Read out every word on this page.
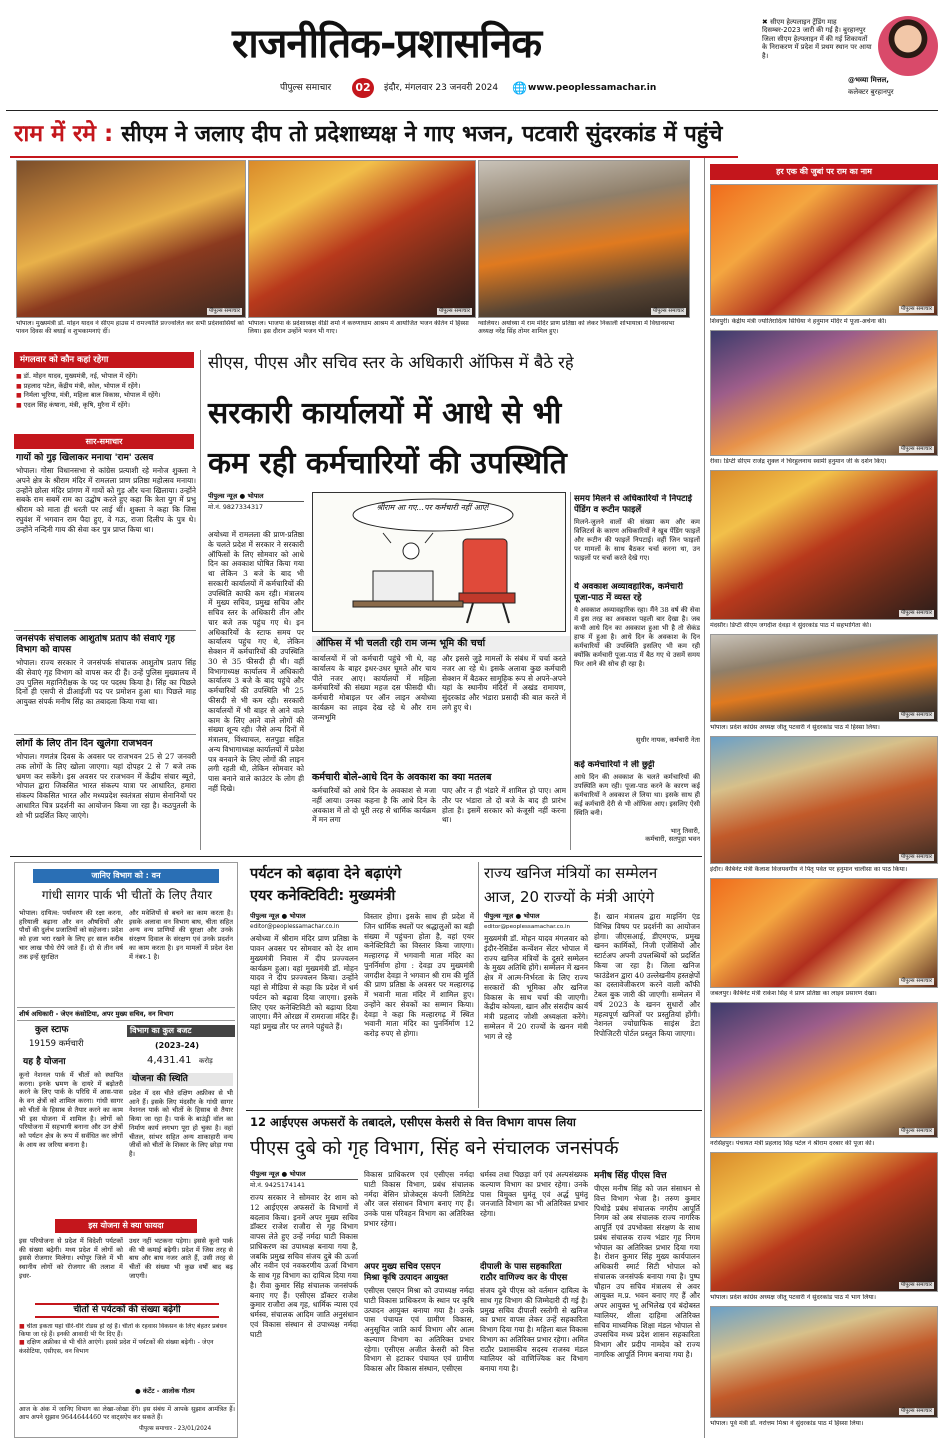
राजनीतिक-प्रशासनिक
पीपुल्स समाचार	02	इंदौर, मंगलवार 23 जनवरी 2024 🌐 www.peoplessamachar.in
✖ सीएम हेल्पलाइन ट्रेंडिंग माह दिसम्बर-2023 जारी की गई है। बुरहानपुर जिला सीएम हेल्पलाइन में की गई शिकायतों के निराकरण में प्रदेश में प्रथम स्थान पर आया है।
@भव्या मित्तल,
कलेक्टर बुरहानपुर
राम में रमे : सीएम ने जलाए दीप तो प्रदेशाध्यक्ष ने गाए भजन, पटवारी सुंदरकांड में पहुंचे
पीपुल्स समाचार	पीपुल्स समाचार	पीपुल्स समाचार
भोपाल। मुख्यमंत्री डॉ. मोहन यादव ने सीएम हाउस में रामज्योति प्रज्ज्वलित कर सभी प्रदेशवासियों को पावन दिवस की बधाई व शुभकामनाएं दीं।
भोपाल। भाजपा के प्रदेशाध्यक्ष वीडी शर्मा ने करुणाधाम आश्रम में आयोजित भजन कीर्तन में हिस्सा लिया। इस दौरान उन्होंने भजन भी गाए।
ग्वालियर। अयोध्या में राम मंदिर प्राण प्रतिष्ठा को लेकर निकाली शोभायात्रा में विधानसभा अध्यक्ष नरेंद्र सिंह तोमर शामिल हुए।
हर एक की जुबां पर राम का नाम
पीपुल्स समाचार
शिवपुरी। केंद्रीय मंत्री ज्योतिरादित्य सिंधिया ने हनुमान मंदिर में पूजा-अर्चना की।
पीपुल्स समाचार
रीवा। डिप्टी सीएम राजेंद्र शुक्ल ने चिरहुलनाथ स्वामी हनुमान जी के दर्शन किए।
पीपुल्स समाचार
मंदसौर। डिप्टी सीएम जगदीश देवड़ा ने सुंदरकांड पाठ में सहभागिता की।
पीपुल्स समाचार
भोपाल। प्रदेश कांग्रेस अध्यक्ष जीतू पटवारी ने सुंदरकांड पाठ में हिस्सा लिया।
पीपुल्स समाचार
इंदौर। कैबिनेट मंत्री कैलाश विजयवर्गीय ने पितृ पर्वत पर हनुमान चालीसा का पाठ किया।
पीपुल्स समाचार
जबलपुर। कैबिनेट मंत्री राकेश सिंह ने प्राण प्रतिष्ठा का लाइव प्रसारण देखा।
पीपुल्स समाचार
नरसिंहपुर। पंचायत मंत्री प्रहलाद सिंह पटेल ने श्रीराम दरबार की पूजा की।
पीपुल्स समाचार
भोपाल। प्रदेश कांग्रेस अध्यक्ष जीतू पटवारी ने सुंदरकांड पाठ में भाग लिया।
पीपुल्स समाचार
भोपाल। पूर्व मंत्री डॉ. नरोत्तम मिश्रा ने सुंदरकांड पाठ में हिस्सा लिया।
मंगलवार को कौन कहां रहेगा
■ डॉ. मोहन यादव, मुख्यमंत्री, नई, भोपाल में रहेंगे।
■ प्रहलाद पटेल, केंद्रीय मंत्री, कोल, भोपाल में रहेंगे।
■ निर्मला भूरिया, मंत्री, महिला बाल विकास, भोपाल में रहेंगे।
■ एदल सिंह कंषाना, मंत्री, कृषि, मुरैना में रहेंगे।
सार-समाचार
गायों को गुड़ खिलाकर मनाया 'राम' उत्सव
भोपाल। गोसा विधानसभा से कांग्रेस प्रत्याशी रहे मनोज शुक्ला ने अपने क्षेत्र के श्रीराम मंदिर में रामलला प्राण प्रतिष्ठा महोत्सव मनाया। उन्होंने छोला मंदिर प्रांगण में गायों को गुड़ और चना खिलाया। उन्होंने सबके राम सबमें राम का उद्घोष करते हुए कहा कि त्रेता युग में प्रभु श्रीराम को माता ही धरती पर लाई थीं। शुक्ला ने कहा कि जिस रघुवंश में भगवान राम पैदा हुए, वे गऊ, राजा दिलीप के पुत्र थे। उन्होंने नन्दिनी गाय की सेवा कर पुत्र प्राप्त किया था।
जनसंपर्क संचालक आशुतोष प्रताप की सेवाएं गृह विभाग को वापस
भोपाल। राज्य सरकार ने जनसंपर्क संचालक आशुतोष प्रताप सिंह की सेवाएं गृह विभाग को वापस कर दी हैं। उन्हें पुलिस मुख्यालय में उप पुलिस महानिरीक्षक के पद पर पदस्थ किया है। सिंह का पिछले दिनों ही एसपी से डीआईजी पद पर प्रमोशन हुआ था। पिछले माह आयुक्त संपर्क मनीष सिंह का तबादला किया गया था।
लोगों के लिए तीन दिन खुलेगा राजभवन
भोपाल। गणतंत्र दिवस के अवसर पर राजभवन 25 से 27 जनवरी तक लोगों के लिए खोला जाएगा। यहां दोपहर 2 से 7 बजे तक भ्रमण कर सकेंगे। इस अवसर पर राजभवन में केंद्रीय संचार ब्यूरो, भोपाल द्वारा जिकसित भारत संकल्प यात्रा पर आधारित, हमारा संकल्प विकसित भारत और मध्यप्रदेश स्वतंत्रता संग्राम सेनानियों पर आधारित चित्र प्रदर्शनी का आयोजन किया जा रहा है। कठपुतली के शो भी प्रदर्शित किए जाएंगे।
सीएस, पीएस और सचिव स्तर के अधिकारी ऑफिस में बैठे रहे
सरकारी कार्यालयों में आधे से भी
कम रही कर्मचारियों की उपस्थिति
पीपुल्स न्यूज़ ● भोपाल
मो.नं. 9827334317
अयोध्या में रामलला की प्राण-प्रतिष्ठा के चलते प्रदेश में सरकार ने सरकारी ऑफिसों के लिए सोमवार को आधे दिन का अवकाश घोषित किया गया था लेकिन 3 बजे के बाद भी सरकारी कार्यालयों में कर्मचारियों की उपस्थिति काफी कम रही। मंत्रालय में मुख्य सचिव, प्रमुख सचिव और सचिव स्तर के अधिकारी तीन और चार बजे तक पहुंच गए थे। इन अधिकारियों के स्टाफ समय पर कार्यालय पहुंच गए थे, लेकिन सेक्शन में कर्मचारियों की उपस्थिति 30 से 35 फीसदी ही थी। वहीं विभागाध्यक्ष कार्यालय में अधिकारी कार्यालय 3 बजे के बाद पहुंचे और कर्मचारियों की उपस्थिति भी 25 फीसदी से भी कम रही। सरकारी कार्यालयों में भी बाहर से आने वाले काम के लिए आने वाले लोगों की संख्या शून्य रही। जैसे अन्य दिनों में मंत्रालय, विंध्याचल, सतपुड़ा सहित अन्य विभागाध्यक्ष कार्यालयों में प्रवेश पत्र बनवाने के लिए लोगों की लाइन लगी रहती थी, लेकिन सोमवार को पास बनाने वाले काउंटर के लोग ही नहीं दिखे।
श्रीराम आ गए...पर कर्मचारी नहीं आए!
ऑफिस में भी चलती रही राम जन्म भूमि की चर्चा
कार्यालयों में जो कर्मचारी पहुंचे भी थे, वह कार्यालय के बाहर इधर-उधर घूमते और चाय पीते नजर आए। कार्यालयों में महिला कर्मचारियों की संख्या महज दस फीसदी थी। कर्मचारी मोबाइल पर ऑन लाइन अयोध्या कार्यक्रम का लाइव देख रहे थे और राम जन्मभूमि
और इससे जुड़े मामलों के संबंध में चर्चा करते नजर आ रहे थे। इसके अलावा कुछ कर्मचारी सेक्शन में बैठकर सामूहिक रूप से अपने-अपने यहां के स्थानीय मंदिरों में अखंड रामायण, सुंदरकांड और भंडारा प्रसादी की बात करते में लगे हुए थे।
कर्मचारी बोले-आधे दिन के अवकाश का क्या मतलब
कर्मचारियों को आधे दिन के अवकाश से मजा नहीं आया। उनका कहना है कि आधे दिन के अवकाश में तो दो पूरी तरह से धार्मिक कार्यक्रम में मन लगा
पाए और न ही भंडारे में शामिल हो पाए। आम तौर पर भंडारा तो दो बजे के बाद ही प्रारंभ होता है। इसमें सरकार को कंजूसी नहीं करना था।
समय मिलने से अधिकारियों ने निपटाई पेंडिंग व रूटीन फाइलें
मिलने-जुलने वालों की संख्या कम और कम विजिटर्स के कारण अधिकारियों ने खूब पेंडिंग फाइलें और रूटीन की फाइलें निपटाई। वहीं जिन फाइलों पर मामलों के साथ बैठकर चर्चा करना था, उन फाइलों पर चर्चा करते देखे गए।
ये अवकाश अव्यावहारिक, कर्मचारी पूजा-पाठ में व्यस्त रहे
ये अवकाश अव्यावहारिक रहा। मैंने 38 वर्ष की सेवा में इस तरह का अवकाश पहली बार देखा है। जब कभी आधे दिन का अवकाश हुआ भी है तो सेकंड हाफ में हुआ है। आधे दिन के अवकाश के दिन कर्मचारियों की उपस्थिति इसलिए भी कम रही क्योंकि कर्मचारी पूजा-पाठ में बैठ गए थे उसमें समय फिर आने की सोच ही रहा है।
सुधीर नायक, कर्मचारी नेता
कई कर्मचारियों ने ली छुट्टी
आधे दिन की अवकाश के चलते कर्मचारियों की उपस्थिति कम रही। पूजा-पाठ करने के कारण कई कर्मचारियों ने अवकाश ले लिया था। इसके साथ ही कई कर्मचारी देरी से भी ऑफिस आए। इसलिए ऐसी स्थिति बनी।
भानु तिवारी,
कर्मचारी, सतपुड़ा भवन
जानिए विभाग को : वन
गांधी सागर पार्क भी चीतों के लिए तैयार
भोपाल। दायित्व: पर्यावरण की रक्षा करना, हरियाली बढ़ाना और वन औषधियों और पौधों की दुर्लभ प्रजातियों को सहेजना। प्रदेश को हजा भरा रखने के लिए हर साल करीब चार लाख पौधे रोपे जाते हैं। दो से तीन वर्ष तक इन्हें सुरक्षित
और मवेशियों से बचने का काम करता है। इसके अलावा वन विभाग बाघ, चीता सहित अन्य वन्य प्राणियों की सुरक्षा और उनके संरक्षण दिवाल के संरक्षण एवं उनके प्रदर्शन का काम करता है। इन मामलों में प्रदेश देश में नंबर-1 है।
शीर्ष अधिकारी - जेएन कंसोटिया, अपर मुख्य सचिव, वन विभाग
कुल स्टाफ
19159 कर्मचारी
विभाग का कुल बजट
(2023-24)
4,431.41 करोड़
यह है योजना
कूनो नेशनल पार्क में चीतों को स्थापित करना। इनके भ्रमण के दायरे में बढ़ोतरी करने के लिए पार्क के परिधि में आस-पास के वन क्षेत्रों को शामिल करना। गांधी सागर को चीतों के हिसाब से तैयार करने का काम भी इस योजना में शामिल है। लोगों को परियोजना में सहभागी बनाना और उन क्षेत्रों को पर्यटन क्षेत्र के रूप में सर्वधित कर लोगों के आय का जरिया बनाना है।
योजना की स्थिति
प्रदेश में दस चीते दक्षिण अफ्रीका से भी आने हैं। इसके लिए मंदसौर के गांधी सागर नेशनल पार्क को चीतों के हिसाब से तैयार किया जा रहा है। पार्क के बाउंड्री वॉल का निर्माण कार्य लगभग पूरा हो चुका है। वहां चीतल, सांभर सहित अन्य शाकाहारी वन्य जीवों को चीतों के शिकार के लिए छोड़ा गया है।
इस योजना से क्या फायदा
इस परियोजना से प्रदेश में विदेशी पर्यटकों की संख्या बढ़ेगी। मध्य प्रदेश में लोगों को इससे रोजगार मिलेगा। श्योपुर जिले में भी स्थानीय लोगों को रोजगार की तलाश में इधर-
उधर नहीं भटकना पड़ेगा। इससे कूनो पार्क की भी कमाई बढ़ेगी। प्रदेश में जिस तरह से बाघ और बाघ नजर आते हैं, उसी तरह से चीतों की संख्या भी कुछ वर्षों बाद बढ़ जाएगी।
चीतों से पर्यटकों की संख्या बढ़ेगी
■ चीता इकता यहां धीरे-धीरे रोडस हो रहे हैं। चीतों के रहवास विकसन के लिए बेहतर प्रबंधन किया जा रहे हैं। इनकी आवादी भी पैर दिए हैं।
■ दक्षिण अफ्रीका से भी चीते आएंगे। इससे प्रदेश में पर्यटकों की संख्या बढ़ेगी। - जेएन कंसोटिया, एसीएस, वन विभाग
● कंटेंट - आलोक गौतम
आज के अंक में जानिए विभाग का लेखा-जोखा देंगे। इस संबंध में आपके सुझाव आमंत्रित हैं। आप अपने सुझाव 9644644460 पर वाट्सऐप कर सकते हैं।
पीपुल्स समाचार - 23/01/2024
पर्यटन को बढ़ावा देने बढ़ाएंगे
एयर कनेक्टिविटी: मुख्यमंत्री
पीपुल्स न्यूज़ ● भोपाल
editor@peoplessamachar.co.in
अयोध्या में श्रीराम मंदिर प्राण प्रतिष्ठा के पावन अवसर पर सोमवार को देर शाम मुख्यमंत्री निवास में दीप प्रज्ज्वलन कार्यक्रम हुआ। वहां मुख्यमंत्री डॉ. मोहन यादव ने दीप प्रज्ज्वलन किया। उन्होंने यहां से मीडिया से कहा कि प्रदेश में धर्म पर्यटन को बढ़ावा दिया जाएगा। इसके लिए एयर कनेक्टिविटी को बढ़ाया दिया जाएगा। मैंने ओरछा में रामराजा मंदिर हैं। यहां प्रमुख तौर पर लगने पहुंचते हैं।
विस्तार होगा। इसके साथ ही प्रदेश में जिन धार्मिक स्थलों पर श्रद्धालुओं का बड़ी संख्या में पहुंचना होता है, वहां एयर कनेक्टिविटी का विस्तार किया जाएगा। मल्हारगढ़ में भगवानी माता मंदिर का पुनर्निर्माण होगा : देवड़ा उप मुख्यमंत्री जगदीश देवड़ा ने भगवान श्री राम की मूर्ति की प्राण प्रतिष्ठा के अवसर पर मल्हारगढ़ में भवानी माता मंदिर में शामिल हुए। उन्होंने कार सेवकों का सम्मान किया। देवड़ा ने कहा कि मल्हारगढ़ में स्थित भवानी माता मंदिर का पुनर्निर्माण 12 करोड़ रुपए से होगा।
राज्य खनिज मंत्रियों का सम्मेलन
आज, 20 राज्यों के मंत्री आएंगे
पीपुल्स न्यूज़ ● भोपाल
editor@peoplessamachar.co.in
मुख्यमंत्री डॉ. मोहन यादव मंगलवार को इंदौर-रेसिडेंस कन्वेंशन सेंटर भोपाल में राज्य खनिज मंत्रियों के दूसरे सम्मेलन के मुख्य अतिथि होंगे। सम्मेलन में खनन क्षेत्र में आत्म-निर्भरता के लिए राज्य सरकारों की भूमिका और खनिज विकास के साथ चर्चा की जाएगी। केंद्रीय कोयला, खान और संसदीय कार्य मंत्री प्रहलाद जोशी अध्यक्षता करेंगे। सम्मेलन में 20 राज्यों के खनन मंत्री भाग ले रहे
हैं। खान मंत्रालय द्वारा माइनिंग एंड विभिन्न विषय पर प्रदर्शनी का आयोजन होगा। जीएसआई, डीएमएफ, प्रमुख खनन कार्मिकों, निजी एजेंसियों और स्टार्टअप अपनी उपलब्धियों को प्रदर्शित किया जा रहा है। जिला खनिज फाउंडेशन द्वारा 40 उल्लेखनीय हस्तक्षेपों का दस्तावेजीकरण करने वाली कॉफी टेबल बुक जारी की जाएगी। सम्मेलन में वर्ष 2023 के खनन सुधारों और महत्वपूर्ण खनिजों पर प्रस्तुतियां होंगी। नेशनल ज्योग्राफिक साइंस डेटा रिपोजिटरी पोर्टल प्रस्तुत किया जाएगा।
12 आईएएस अफसरों के तबादले, एसीएस केसरी से वित्त विभाग वापस लिया
पीएस दुबे को गृह विभाग, सिंह बने संचालक जनसंपर्क
पीपुल्स न्यूज़ ● भोपाल
मो.नं. 9425174141
राज्य सरकार ने सोमवार देर शाम को 12 आईएएस अफसरों के विभागों में बदलाव किया। इनमें अपर मुख्य सचिव डॉक्टर राजेश राजौरा से गृह विभाग वापस लेते हुए उन्हें नर्मदा घाटी विकास प्राधिकरण का उपाध्यक्ष बनाया गया है, जबकि प्रमुख सचिव संजय दुबे की ऊर्जा और नवीन एवं नवकरणीय ऊर्जा विभाग के साथ गृह विभाग का दायित्व दिया गया है। रीवा कुमार सिंह संचालक जनसंपर्क बनाए गए हैं। एसीएस डॉक्टर राजेश कुमार राजौरा अब गृह, धार्मिक न्यास एवं धर्मस्व, संचालक आदिम जाति अनुसंधान एवं विकास संस्थान से उपाध्यक्ष नर्मदा घाटी
विकास प्राधिकरण एवं एसीएस नर्मदा घाटी विकास विभाग, प्रबंध संचालक नर्मदा बेसिन प्रोजेक्ट्स कंपनी लिमिटेड और जल संसाधन विभाग बनाए गए हैं। उनके पास परिवहन विभाग का अतिरिक्त प्रभार रहेगा।
अपर मुख्य सचिव एसएन
मिश्रा कृषि उत्पादन आयुक्त
एसीएस एसएन मिश्रा को उपाध्यक्ष नर्मदा घाटी विकास प्राधिकरण के स्थान पर कृषि उत्पादन आयुक्त बनाया गया है। उनके पास पंचायत एवं ग्रामीण विकास, अनुसूचित जाति कार्य विभाग और आत्म कल्याण विभाग का अतिरिक्त प्रभार रहेगा। एसीएस अजीत केसरी को वित्त विभाग से हटाकर पंचायत एवं ग्रामीण विकास और विकास संस्थान, एसीएस
धर्मस्व तथा पिछड़ा वर्ग एवं अल्पसंख्यक कल्याण विभाग का प्रभार रहेगा। उनके पास विमुक्त घुमंतू एवं अर्द्ध घुमंतू जनजाति विभाग का भी अतिरिक्त प्रभार रहेगा।
दीपाली के पास सहकारिता
राठौर वाणिज्य कर के पीएस
संजय दुबे पीएस को वर्तमान दायित्व के साथ गृह विभाग की जिम्मेदारी दी गई है। प्रमुख सचिव दीपाली रस्तोगी से खनिज का प्रभार वापस लेकर उन्हें सहकारिता विभाग दिया गया है। महिला बाल विकास विभाग का अतिरिक्त प्रभार रहेगा। अमित राठौर प्रशासकीय सदस्य राजस्व मंडल ग्वालियर को वाणिज्यिक कर विभाग बनाया गया है।
मनीष सिंह पीएस वित्त
पीएस मनीष सिंह को जल संसाधन से वित्त विभाग भेजा है। तरुण कुमार पिथोड़े प्रबंध संचालक नगरीय आपूर्ति निगम को अब संचालक राज्य नागरिक आपूर्ति एवं उपभोक्ता संरक्षण के साथ प्रबंध संचालक राज्य भंडार गृह निगम भोपाल का अतिरिक्त प्रभार दिया गया है। रोशन कुमार सिंह मुख्य कार्यपालन अधिकारी स्मार्ट सिटी भोपाल को संचालक जनसंपर्क बनाया गया है। पुष्प चौहान उप सचिव मंत्रालय से अवर आयुक्त म.प्र. भवन बनाए गए हैं और अपर आयुक्त भू अभिलेख एवं बंदोबस्त ग्वालियर, शीला दाहिमा अतिरिक्त सचिव माध्यमिक शिक्षा मंडल भोपाल से उपसचिव मध्य प्रदेश शासन सहकारिता विभाग और प्रदीप नामदेव को राज्य नागरिक आपूर्ति निगम बनाया गया है।
